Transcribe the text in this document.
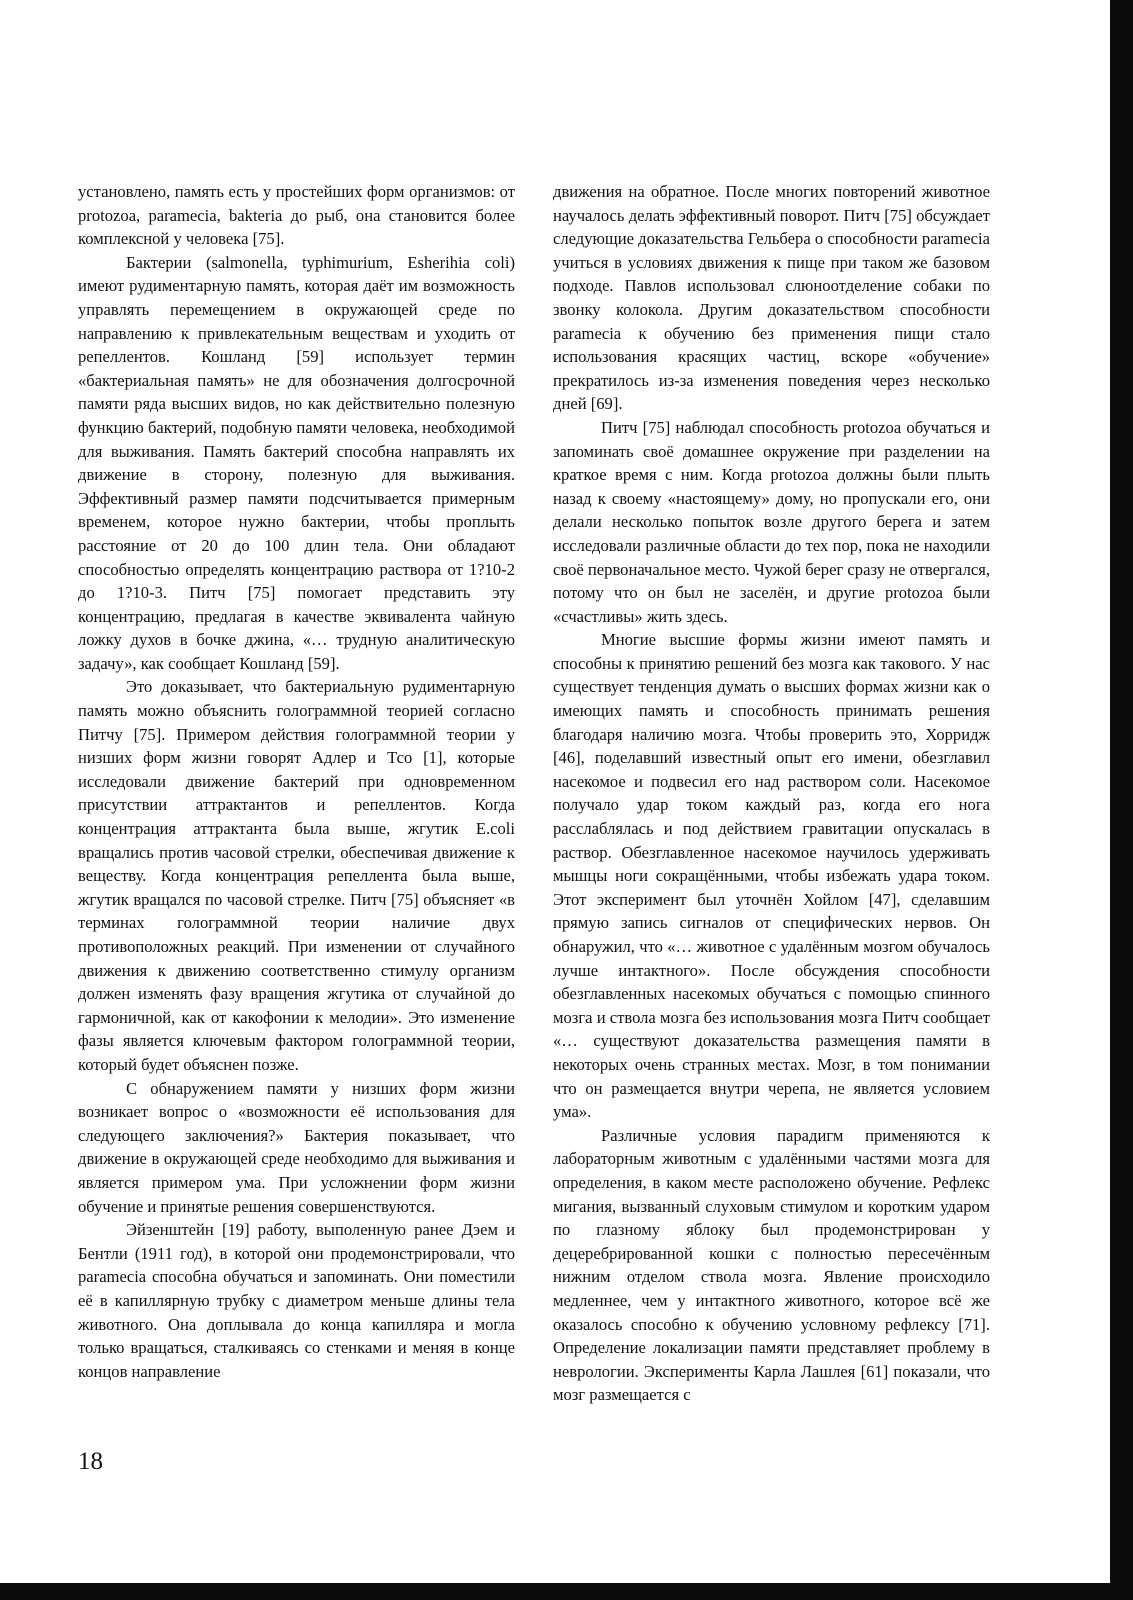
установлено, память есть у простейших форм организмов: от protozoa, paramecia, bakteria до рыб, она становится более комплексной у человека [75].

Бактерии (salmonella, typhimurium, Esherihia coli) имеют рудиментарную память, которая даёт им возможность управлять перемещением в окружающей среде по направлению к привлекательным веществам и уходить от репеллентов. Кошланд [59] использует термин «бактериальная память» не для обозначения долгосрочной памяти ряда высших видов, но как действительно полезную функцию бактерий, подобную памяти человека, необходимой для выживания. Память бактерий способна направлять их движение в сторону, полезную для выживания. Эффективный размер памяти подсчитывается примерным временем, которое нужно бактерии, чтобы проплыть расстояние от 20 до 100 длин тела. Они обладают способностью определять концентрацию раствора от 1?10-2 до 1?10-3. Питч [75] помогает представить эту концентрацию, предлагая в качестве эквивалента чайную ложку духов в бочке джина, «… трудную аналитическую задачу», как сообщает Кошланд [59].

Это доказывает, что бактериальную рудиментарную память можно объяснить голограммной теорией согласно Питчу [75]. Примером действия голограммной теории у низших форм жизни говорят Адлер и Тсо [1], которые исследовали движение бактерий при одновременном присутствии аттрактантов и репеллентов. Когда концентрация аттрактанта была выше, жгутик E.coli вращались против часовой стрелки, обеспечивая движение к веществу. Когда концентрация репеллента была выше, жгутик вращался по часовой стрелке. Питч [75] объясняет «в терминах голограммной теории наличие двух противоположных реакций. При изменении от случайного движения к движению соответственно стимулу организм должен изменять фазу вращения жгутика от случайной до гармоничной, как от какофонии к мелодии». Это изменение фазы является ключевым фактором голограммной теории, который будет объяснен позже.

С обнаружением памяти у низших форм жизни возникает вопрос о «возможности её использования для следующего заключения?» Бактерия показывает, что движение в окружающей среде необходимо для выживания и является примером ума. При усложнении форм жизни обучение и принятые решения совершенствуются.

Эйзенштейн [19] работу, выполенную ранее Дэем и Бентли (1911 год), в которой они продемонстрировали, что paramecia способна обучаться и запоминать. Они поместили её в капиллярную трубку с диаметром меньше длины тела животного. Она доплывала до конца капилляра и могла только вращаться, сталкиваясь со стенками и меняя в конце концов направление

движения на обратное. После многих повторений животное научалось делать эффективный поворот. Питч [75] обсуждает следующие доказательства Гельбера о способности paramecia учиться в условиях движения к пище при таком же базовом подходе. Павлов использовал слюноотделение собаки по звонку колокола. Другим доказательством способности paramecia к обучению без применения пищи стало использования красящих частиц, вскоре «обучение» прекратилось из-за изменения поведения через несколько дней [69].

Питч [75] наблюдал способность protozoa обучаться и запоминать своё домашнее окружение при разделении на краткое время с ним. Когда protozoa должны были плыть назад к своему «настоящему» дому, но пропускали его, они делали несколько попыток возле другого берега и затем исследовали различные области до тех пор, пока не находили своё первоначальное место. Чужой берег сразу не отвергался, потому что он был не заселён, и другие protozoa были «счастливы» жить здесь.

Многие высшие формы жизни имеют память и способны к принятию решений без мозга как такового. У нас существует тенденция думать о высших формах жизни как о имеющих память и способность принимать решения благодаря наличию мозга. Чтобы проверить это, Хорридж [46], поделавший известный опыт его имени, обезглавил насекомое и подвесил его над раствором соли. Насекомое получало удар током каждый раз, когда его нога расслаблялась и под действием гравитации опускалась в раствор. Обезглавленное насекомое научилось удерживать мышцы ноги сокращёнными, чтобы избежать удара током. Этот эксперимент был уточнён Хойлом [47], сделавшим прямую запись сигналов от специфических нервов. Он обнаружил, что «… животное с удалённым мозгом обучалось лучше интактного». После обсуждения способности обезглавленных насекомых обучаться с помощью спинного мозга и ствола мозга без использования мозга Питч сообщает «… существуют доказательства размещения памяти в некоторых очень странных местах. Мозг, в том понимании что он размещается внутри черепа, не является условием ума».

Различные условия парадигм применяются к лабораторным животным с удалёнными частями мозга для определения, в каком месте расположено обучение. Рефлекс мигания, вызванный слуховым стимулом и коротким ударом по глазному яблоку был продемонстрирован у децеребрированной кошки с полностью пересечённым нижним отделом ствола мозга. Явление происходило медленнее, чем у интактного животного, которое всё же оказалось способно к обучению условному рефлексу [71]. Определение локализации памяти представляет проблему в неврологии. Эксперименты Карла Лашлея [61] показали, что мозг размещается с

18
